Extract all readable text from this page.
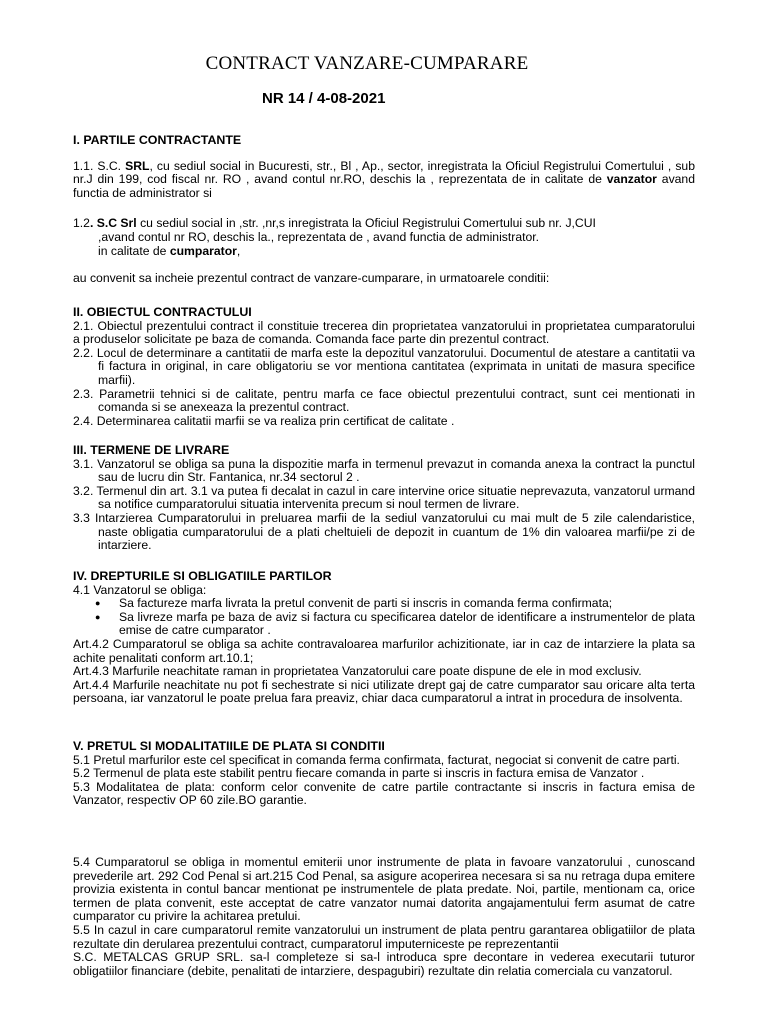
CONTRACT VANZARE-CUMPARARE
NR 14 / 4-08-2021

I. PARTILE CONTRACTANTE

1.1. S.C. SRL, cu sediul social in Bucuresti, str., Bl , Ap., sector, inregistrata la Oficiul Registrului Comertului , sub nr.J din 199, cod fiscal nr. RO , avand contul nr.RO, deschis la , reprezentata de in calitate de vanzator avand functia de administrator si

1.2. S.C Srl cu sediul social in ,str. ,nr,s inregistrata la Oficiul Registrului Comertului sub nr. J,CUI

,avand contul nr RO, deschis la., reprezentata de , avand functia de administrator.

in calitate de cumparator,

au convenit sa incheie prezentul contract de vanzare-cumparare, in urmatoarele conditii:

II. OBIECTUL CONTRACTULUI

2.1. Obiectul prezentului contract il constituie trecerea din proprietatea vanzatorului in proprietatea cumparatorului a produselor solicitate pe baza de comanda. Comanda face parte din prezentul contract.

2.2. Locul de determinare a cantitatii de marfa este la depozitul vanzatorului. Documentul de atestare a cantitatii va fi factura in original, in care obligatoriu se vor mentiona cantitatea (exprimata in unitati de masura specifice marfii).

2.3. Parametrii tehnici si de calitate, pentru marfa ce face obiectul prezentului contract, sunt cei mentionati in comanda si se anexeaza la prezentul contract.

2.4. Determinarea calitatii marfii se va realiza prin certificat de calitate .

III. TERMENE DE LIVRARE

3.1. Vanzatorul se obliga sa puna la dispozitie marfa in termenul prevazut in comanda anexa la contract la punctul sau de lucru din Str. Fantanica, nr.34 sectorul 2 .

3.2. Termenul din art. 3.1 va putea fi decalat in cazul in care intervine orice situatie neprevazuta, vanzatorul urmand sa notifice cumparatorului situatia intervenita precum si noul termen de livrare.

3.3 Intarzierea Cumparatorului in preluarea marfii de la sediul vanzatorului cu mai mult de 5 zile calendaristice, naste obligatia cumparatorului de a plati cheltuieli de depozit in cuantum de 1% din valoarea marfii/pe zi de intarziere.

IV. DREPTURILE SI OBLIGATIILE PARTILOR

4.1 Vanzatorul se obliga:

● Sa factureze marfa livrata la pretul convenit de parti si inscris in comanda ferma confirmata;

● Sa livreze marfa pe baza de aviz si factura cu specificarea datelor de identificare a instrumentelor de plata emise de catre cumparator .

Art.4.2 Cumparatorul se obliga sa achite contravaloarea marfurilor achizitionate, iar in caz de intarziere la plata sa achite penalitati conform art.10.1;

Art.4.3 Marfurile neachitate raman in proprietatea Vanzatorului care poate dispune de ele in mod exclusiv.

Art.4.4 Marfurile neachitate nu pot fi sechestrate si nici utilizate drept gaj de catre cumparator sau oricare alta terta persoana, iar vanzatorul le poate prelua fara preaviz, chiar daca cumparatorul a intrat in procedura de insolventa.

V. PRETUL SI MODALITATIILE DE PLATA SI CONDITII

5.1 Pretul marfurilor este cel specificat in comanda ferma confirmata, facturat, negociat si convenit de catre parti.

5.2 Termenul de plata este stabilit pentru fiecare comanda in parte si inscris in factura emisa de Vanzator .

5.3 Modalitatea de plata: conform celor convenite de catre partile contractante si inscris in factura emisa de Vanzator, respectiv OP 60 zile.BO garantie.

5.4 Cumparatorul se obliga in momentul emiterii unor instrumente de plata in favoare vanzatorului , cunoscand prevederile art. 292 Cod Penal si art.215 Cod Penal, sa asigure acoperirea necesara si sa nu retraga dupa emitere provizia existenta in contul bancar mentionat pe instrumentele de plata predate. Noi, partile, mentionam ca, orice termen de plata convenit, este acceptat de catre vanzator numai datorita angajamentului ferm asumat de catre cumparator cu privire la achitarea pretului.

5.5 In cazul in care cumparatorul remite vanzatorului un instrument de plata pentru garantarea obligatiilor de plata rezultate din derularea prezentului contract, cumparatorul imputerniceste pe reprezentantii

S.C. METALCAS GRUP SRL. sa-l completeze si sa-l introduca spre decontare in vederea executarii tuturor obligatiilor financiare (debite, penalitati de intarziere, despagubiri) rezultate din relatia comerciala cu vanzatorul.
